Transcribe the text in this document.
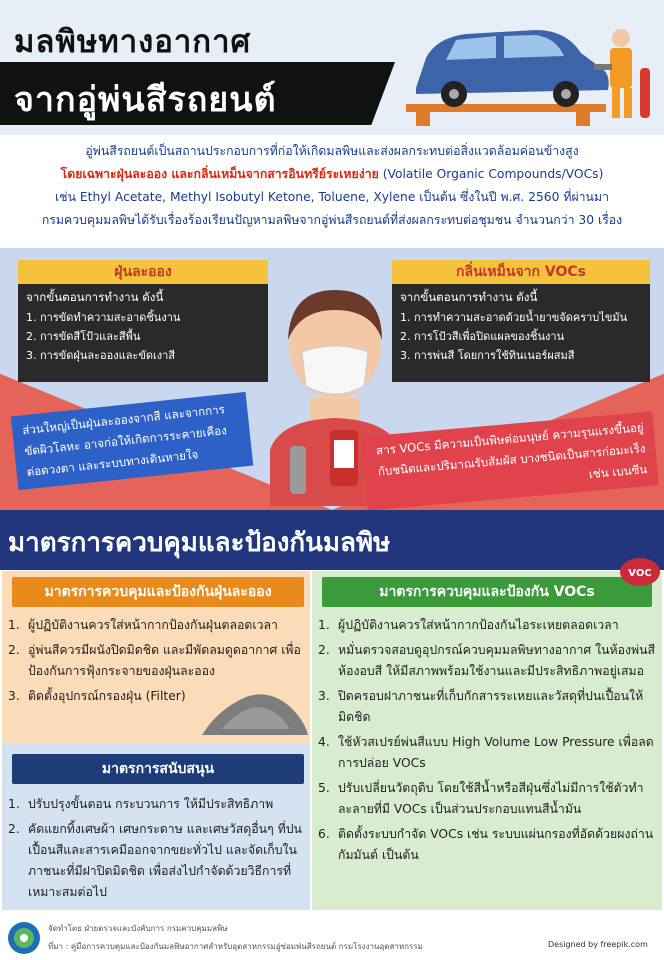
มลพิษทางอากาศ
จากอู่พ่นสีรถยนต์
อู่พ่นสีรถยนต์เป็นสถานประกอบการที่ก่อให้เกิดมลพิษและส่งผลกระทบต่อสิ่งแวดล้อมค่อนข้างสูง
โดยเฉพาะฝุ่นละออง และกลิ่นเหม็นจากสารอินทรีย์ระเหยง่าย (Volatile Organic Compounds/VOCs)
เช่น Ethyl Acetate, Methyl Isobutyl Ketone, Toluene, Xylene เป็นต้น ซึ่งในปี พ.ศ. 2560 ที่ผ่านมา
กรมควบคุมมลพิษได้รับเรื่องร้องเรียนปัญหามลพิษจากอู่พ่นสีรถยนต์ที่ส่งผลกระทบต่อชุมชน จำนวนกว่า 30 เรื่อง
ฝุ่นละออง
จากขั้นตอนการทำงาน ดังนี้
1. การขัดทำความสะอาดชิ้นงาน
2. การขัดสีโป้วและสีพื้น
3. การขัดฝุ่นละอองและขัดเงาสี
กลิ่นเหม็นจาก VOCs
จากขั้นตอนการทำงาน ดังนี้
1. การทำความสะอาดด้วยน้ำยาขจัดคราบไขมัน
2. การโป้วสีเพื่อปิดแผลของชิ้นงาน
3. การพ่นสี โดยการใช้ทินเนอร์ผสมสี
ส่วนใหญ่เป็นฝุ่นละอองจากสี และจากการขัดผิวโลหะ อาจก่อให้เกิดการระคายเคืองต่อดวงตา และระบบทางเดินหายใจ
สาร VOCs มีความเป็นพิษต่อมนุษย์ ความรุนแรงขึ้นอยู่กับชนิดและปริมาณรับสัมผัส บางชนิดเป็นสารก่อมะเร็ง เช่น เบนซีน
มาตรการควบคุมและป้องกันมลพิษ
มาตรการควบคุมและป้องกันฝุ่นละออง
1. ผู้ปฏิบัติงานควรใส่หน้ากากป้องกันฝุ่นตลอดเวลา
2. อู่พ่นสีควรมีผนังปิดมิดชิด และมีพัดลมดูดอากาศ เพื่อป้องกันการฟุ้งกระจายของฝุ่นละออง
3. ติดตั้งอุปกรณ์กรองฝุ่น (Filter)
มาตรการสนับสนุน
1. ปรับปรุงขั้นตอน กระบวนการ ให้มีประสิทธิภาพ
2. คัดแยกทิ้งเศษผ้า เศษกระดาษ และเศษวัสดุอื่นๆ ที่ปนเปื้อนสีและสารเคมีออกจากขยะทั่วไป และจัดเก็บในภาชนะที่มีฝาปิดมิดชิด เพื่อส่งไปกำจัดด้วยวิธีการที่เหมาะสมต่อไป
มาตรการควบคุมและป้องกัน VOCs
1. ผู้ปฏิบัติงานควรใส่หน้ากากป้องกันไอระเหยตลอดเวลา
2. หมั่นตรวจสอบดูอุปกรณ์ควบคุมมลพิษทางอากาศ ในห้องพ่นสี ห้องอบสี ให้มีสภาพพร้อมใช้งานและมีประสิทธิภาพอยู่เสมอ
3. ปิดครอบฝาภาชนะที่เก็บกักสารระเหยและวัสดุที่ปนเปื้อนให้มิดชิด
4. ใช้หัวสเปรย์พ่นสีแบบ High Volume Low Pressure เพื่อลดการปล่อย VOCs
5. ปรับเปลี่ยนวัตถุดิบ โดยใช้สีน้ำหรือสีฝุ่นซึ่งไม่มีการใช้ตัวทำละลายที่มี VOCs เป็นส่วนประกอบแทนสีน้ำมัน
6. ติดตั้งระบบกำจัด VOCs เช่น ระบบแผ่นกรองที่อัดด้วยผงถ่านกัมมันต์ เป็นต้น
VOC
จัดทำโดย ฝ่ายตรวจและบังคับการ กรมควบคุมมลพิษ
ที่มา : คู่มือการควบคุมและป้องกันมลพิษอากาศสำหรับอุตสาหกรรมอู่ซ่อมพ่นสีรถยนต์ กรมโรงงานอุตสาหกรรม	Designed by freepik.com
